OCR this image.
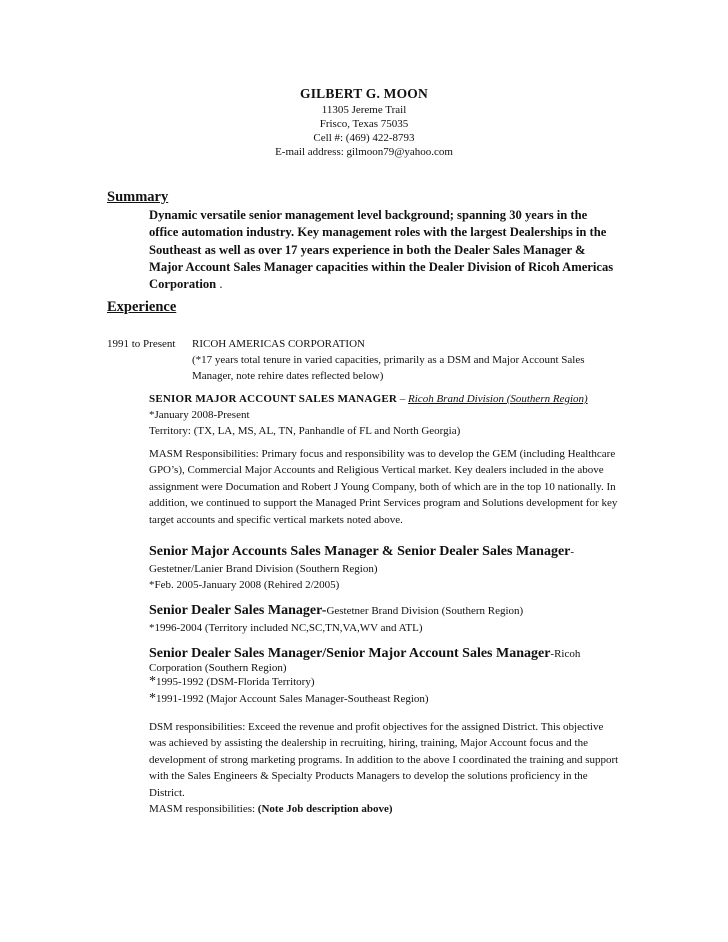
GILBERT G. MOON
11305 Jereme Trail
Frisco, Texas 75035
Cell #: (469) 422-8793
E-mail address: gilmoon79@yahoo.com
Summary
Dynamic versatile senior management level background; spanning 30 years in the office automation industry. Key management roles with the largest Dealerships in the Southeast as well as over 17 years experience in both the Dealer Sales Manager & Major Account Sales Manager capacities within the Dealer Division of Ricoh Americas Corporation .
Experience
1991 to Present RICOH AMERICAS CORPORATION
(*17 years total tenure in varied capacities, primarily as a DSM and Major Account Sales Manager, note rehire dates reflected below)
SENIOR MAJOR ACCOUNT SALES MANAGER – Ricoh Brand Division (Southern Region)
*January 2008-Present
Territory: (TX, LA, MS, AL, TN, Panhandle of FL and North Georgia)
MASM Responsibilities: Primary focus and responsibility was to develop the GEM (including Healthcare GPO’s), Commercial Major Accounts and Religious Vertical market. Key dealers included in the above assignment were Documation and Robert J Young Company, both of which are in the top 10 nationally. In addition, we continued to support the Managed Print Services program and Solutions development for key target accounts and specific vertical markets noted above.
Senior Major Accounts Sales Manager & Senior Dealer Sales Manager-
Gestetner/Lanier Brand Division (Southern Region)
*Feb. 2005-January 2008 (Rehired 2/2005)
Senior Dealer Sales Manager-Gestetner Brand Division (Southern Region)
*1996-2004 (Territory included NC,SC,TN,VA,WV and ATL)
Senior Dealer Sales Manager/Senior Major Account Sales Manager-Ricoh
Corporation (Southern Region)
*1995-1992 (DSM-Florida Territory)
*1991-1992 (Major Account Sales Manager-Southeast Region)
DSM responsibilities: Exceed the revenue and profit objectives for the assigned District. This objective was achieved by assisting the dealership in recruiting, hiring, training, Major Account focus and the development of strong marketing programs. In addition to the above I coordinated the training and support with the Sales Engineers & Specialty Products Managers to develop the solutions proficiency in the District.
MASM responsibilities: (Note Job description above)
